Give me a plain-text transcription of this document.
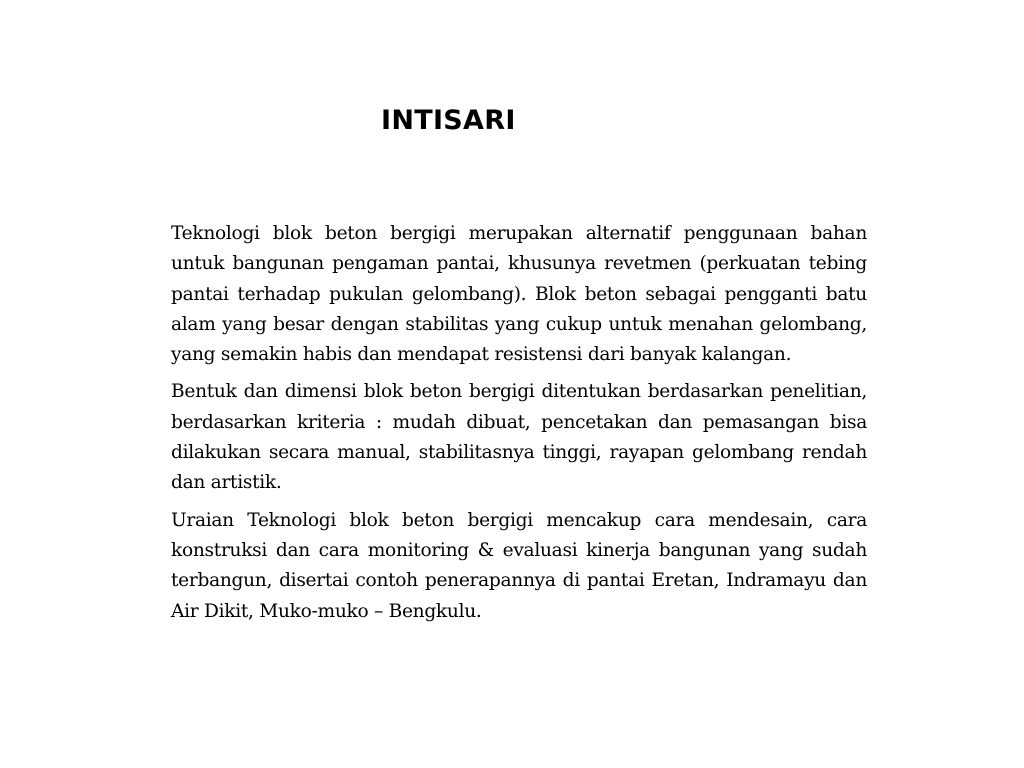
INTISARI

Teknologi blok beton bergigi merupakan alternatif penggunaan bahan untuk bangunan pengaman pantai, khusunya revetmen (perkuatan tebing pantai terhadap pukulan gelombang). Blok beton sebagai pengganti batu alam yang besar dengan stabilitas yang cukup untuk menahan gelombang, yang semakin habis dan mendapat resistensi dari banyak kalangan.

Bentuk dan dimensi blok beton bergigi ditentukan berdasarkan penelitian, berdasarkan kriteria : mudah dibuat, pencetakan dan pemasangan bisa dilakukan secara manual, stabilitasnya tinggi, rayapan gelombang rendah dan artistik.

Uraian Teknologi blok beton bergigi mencakup cara mendesain, cara konstruksi dan cara monitoring & evaluasi kinerja bangunan yang sudah terbangun, disertai contoh penerapannya di pantai Eretan, Indramayu dan Air Dikit, Muko-muko – Bengkulu.
